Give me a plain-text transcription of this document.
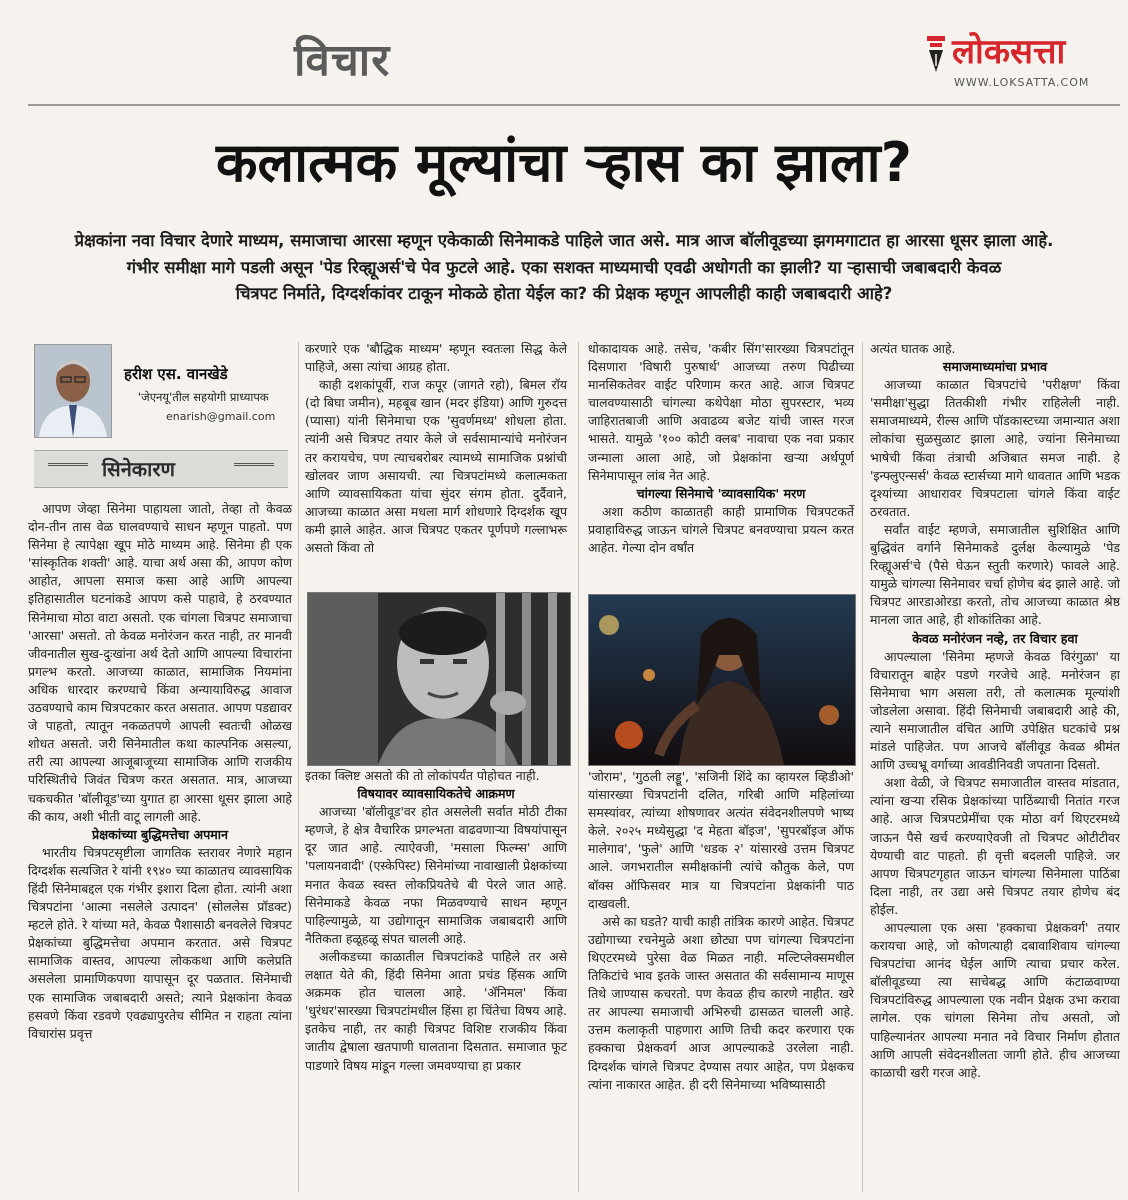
विचार	लोकसत्ता
WWW.LOKSATTA.COM
कलात्मक मूल्यांचा ऱ्हास का झाला?

प्रेक्षकांना नवा विचार देणारे माध्यम, समाजाचा आरसा म्हणून एकेकाळी सिनेमाकडे पाहिले जात असे. मात्र आज बॉलीवूडच्या झगमगाटात हा आरसा धूसर झाला आहे.

गंभीर समीक्षा मागे पडली असून 'पेड रिव्ह्यूअर्स'चे पेव फुटले आहे. एका सशक्त माध्यमाची एवढी अधोगती का झाली? या ऱ्हासाची जबाबदारी केवळ

चित्रपट निर्माते, दिग्दर्शकांवर टाकून मोकळे होता येईल का? की प्रेक्षक म्हणून आपलीही काही जबाबदारी आहे?

हरीश एस. वानखेडे
'जेएनयू'तील सहयोगी प्राध्यापक
enarish@gmail.com
सिनेकारण

आपण जेव्हा सिनेमा पाहायला जातो, तेव्हा तो केवळ दोन-तीन तास वेळ घालवण्याचे साधन म्हणून पाहतो. पण सिनेमा हे त्यापेक्षा खूप मोठे माध्यम आहे. सिनेमा ही एक 'सांस्कृतिक शक्ती' आहे. याचा अर्थ असा की, आपण कोण आहोत, आपला समाज कसा आहे आणि आपल्या इतिहासातील घटनांकडे आपण कसे पाहावे, हे ठरवण्यात सिनेमाचा मोठा वाटा असतो. एक चांगला चित्रपट समाजाचा 'आरसा' असतो. तो केवळ मनोरंजन करत नाही, तर मानवी जीवनातील सुख-दुःखांना अर्थ देतो आणि आपल्या विचारांना प्रगल्भ करतो. आजच्या काळात, सामाजिक नियमांना अधिक धारदार करण्याचे किंवा अन्यायाविरुद्ध आवाज उठवण्याचे काम चित्रपटकार करत असतात. आपण पडद्यावर जे पाहतो, त्यातून नकळतपणे आपली स्वतःची ओळख शोधत असतो. जरी सिनेमातील कथा काल्पनिक असल्या, तरी त्या आपल्या आजूबाजूच्या सामाजिक आणि राजकीय परिस्थितीचे जिवंत चित्रण करत असतात. मात्र, आजच्या चकचकीत 'बॉलीवूड'च्या युगात हा आरसा धूसर झाला आहे की काय, अशी भीती वाटू लागली आहे.

प्रेक्षकांच्या बुद्धिमत्तेचा अपमान

भारतीय चित्रपटसृष्टीला जागतिक स्तरावर नेणारे महान दिग्दर्शक सत्यजित रे यांनी १९४० च्या काळातच व्यावसायिक हिंदी सिनेमाबद्दल एक गंभीर इशारा दिला होता. त्यांनी अशा चित्रपटांना 'आत्मा नसलेले उत्पादन' (सोललेस प्रॉडक्ट) म्हटले होते. रे यांच्या मते, केवळ पैशासाठी बनवलेले चित्रपट प्रेक्षकांच्या बुद्धिमत्तेचा अपमान करतात. असे चित्रपट सामाजिक वास्तव, आपल्या लोककथा आणि कलेप्रति असलेला प्रामाणिकपणा यापासून दूर पळतात. सिनेमाची एक सामाजिक जबाबदारी असते; त्याने प्रेक्षकांना केवळ हसवणे किंवा रडवणे एवढ्यापुरतेच सीमित न राहता त्यांना विचारांस प्रवृत्त

करणारे एक 'बौद्धिक माध्यम' म्हणून स्वतःला सिद्ध केले पाहिजे, असा त्यांचा आग्रह होता.

काही दशकांपूर्वी, राज कपूर (जागते रहो), बिमल रॉय (दो बिघा जमीन), महबूब खान (मदर इंडिया) आणि गुरुदत्त (प्यासा) यांनी सिनेमाचा एक 'सुवर्णमध्य' शोधला होता. त्यांनी असे चित्रपट तयार केले जे सर्वसामान्यांचे मनोरंजन तर करायचेच, पण त्याचबरोबर त्यामध्ये सामाजिक प्रश्नांची खोलवर जाण असायची. त्या चित्रपटांमध्ये कलात्मकता आणि व्यावसायिकता यांचा सुंदर संगम होता. दुर्दैवाने, आजच्या काळात असा मधला मार्ग शोधणारे दिग्दर्शक खूप कमी झाले आहेत. आज चित्रपट एकतर पूर्णपणे गल्लाभरू असतो किंवा तो

इतका क्लिष्ट असतो की तो लोकांपर्यंत पोहोचत नाही.

विषयावर व्यावसायिकतेचे आक्रमण

आजच्या 'बॉलीवूड'वर होत असलेली सर्वात मोठी टीका म्हणजे, हे क्षेत्र वैचारिक प्रगल्भता वाढवणाऱ्या विषयांपासून दूर जात आहे. त्याऐवजी, 'मसाला फिल्म्स' आणि 'पलायनवादी' (एस्केपिस्ट) सिनेमांच्या नावाखाली प्रेक्षकांच्या मनात केवळ स्वस्त लोकप्रियतेचे बी पेरले जात आहे. सिनेमाकडे केवळ नफा मिळवण्याचे साधन म्हणून पाहिल्यामुळे, या उद्योगातून सामाजिक जबाबदारी आणि नैतिकता हळूहळू संपत चालली आहे.

अलीकडच्या काळातील चित्रपटांकडे पाहिले तर असे लक्षात येते की, हिंदी सिनेमा आता प्रचंड हिंसक आणि अक्रमक होत चालला आहे. 'ॲनिमल' किंवा 'धुरंधर'सारख्या चित्रपटांमधील हिंसा हा चिंतेचा विषय आहे. इतकेच नाही, तर काही चित्रपट विशिष्ट राजकीय किंवा जातीय द्वेषाला खतपाणी घालताना दिसतात. समाजात फूट पाडणारे विषय मांडून गल्ला जमवण्याचा हा प्रकार

धोकादायक आहे. तसेच, 'कबीर सिंग'सारख्या चित्रपटांतून दिसणारा 'विषारी पुरुषार्थ' आजच्या तरुण पिढीच्या मानसिकतेवर वाईट परिणाम करत आहे. आज चित्रपट चालवण्यासाठी चांगल्या कथेपेक्षा मोठा सुपरस्टार, भव्य जाहिरातबाजी आणि अवाढव्य बजेट यांची जास्त गरज भासते. यामुळे '१०० कोटी क्लब' नावाचा एक नवा प्रकार जन्माला आला आहे, जो प्रेक्षकांना खऱ्या अर्थपूर्ण सिनेमापासून लांब नेत आहे.

चांगल्या सिनेमाचे 'व्यावसायिक' मरण

अशा कठीण काळातही काही प्रामाणिक चित्रपटकर्ते प्रवाहाविरुद्ध जाऊन चांगले चित्रपट बनवण्याचा प्रयत्न करत आहेत. गेल्या दोन वर्षांत

'जोराम', 'गुठली लड्डू', 'सजिनी शिंदे का व्हायरल व्हिडीओ' यांसारख्या चित्रपटांनी दलित, गरिबी आणि महिलांच्या समस्यांवर, त्यांच्या शोषणावर अत्यंत संवेदनशीलपणे भाष्य केले. २०२५ मध्येसुद्धा 'द मेहता बॉइज', 'सुपरबॉइज ऑफ मालेगाव', 'फुले' आणि 'धडक २' यांसारखे उत्तम चित्रपट आले. जगभरातील समीक्षकांनी त्यांचे कौतुक केले, पण बॉक्स ऑफिसवर मात्र या चित्रपटांना प्रेक्षकांनी पाठ दाखवली.

असे का घडते? याची काही तांत्रिक कारणे आहेत. चित्रपट उद्योगाच्या रचनेमुळे अशा छोट्या पण चांगल्या चित्रपटांना थिएटरमध्ये पुरेसा वेळ मिळत नाही. मल्टिप्लेक्समधील तिकिटांचे भाव इतके जास्त असतात की सर्वसामान्य माणूस तिथे जाण्यास कचरतो. पण केवळ हीच कारणे नाहीत. खरे तर आपल्या समाजाची अभिरुची ढासळत चालली आहे. उत्तम कलाकृती पाहणारा आणि तिची कदर करणारा एक हक्काचा प्रेक्षकवर्ग आज आपल्याकडे उरलेला नाही. दिग्दर्शक चांगले चित्रपट देण्यास तयार आहेत, पण प्रेक्षकच त्यांना नाकारत आहेत. ही दरी सिनेमाच्या भविष्यासाठी

अत्यंत घातक आहे.

समाजमाध्यमांचा प्रभाव

आजच्या काळात चित्रपटांचे 'परीक्षण' किंवा 'समीक्षा'सुद्धा तितकीशी गंभीर राहिलेली नाही. समाजमाध्यमे, रील्स आणि पॉडकास्टच्या जमान्यात अशा लोकांचा सुळसुळाट झाला आहे, ज्यांना सिनेमाच्या भाषेची किंवा तंत्राची अजिबात समज नाही. हे 'इन्फ्लुएन्सर्स' केवळ स्टार्सच्या मागे धावतात आणि भडक दृश्यांच्या आधारावर चित्रपटाला चांगले किंवा वाईट ठरवतात.

सर्वांत वाईट म्हणजे, समाजातील सुशिक्षित आणि बुद्धिवंत वर्गाने सिनेमाकडे दुर्लक्ष केल्यामुळे 'पेड रिव्ह्यूअर्स'चे (पैसे घेऊन स्तुती करणारे) फावले आहे. यामुळे चांगल्या सिनेमावर चर्चा होणेच बंद झाले आहे. जो चित्रपट आरडाओरडा करतो, तोच आजच्या काळात श्रेष्ठ मानला जात आहे, ही शोकांतिका आहे.

केवळ मनोरंजन नव्हे, तर विचार हवा

आपल्याला 'सिनेमा म्हणजे केवळ विरंगुळा' या विचारातून बाहेर पडणे गरजेचे आहे. मनोरंजन हा सिनेमाचा भाग असला तरी, तो कलात्मक मूल्यांशी जोडलेला असावा. हिंदी सिनेमाची जबाबदारी आहे की, त्याने समाजातील वंचित आणि उपेक्षित घटकांचे प्रश्न मांडले पाहिजेत. पण आजचे बॉलीवूड केवळ श्रीमंत आणि उच्चभ्रू वर्गाच्या आवडीनिवडी जपताना दिसतो.

अशा वेळी, जे चित्रपट समाजातील वास्तव मांडतात, त्यांना खऱ्या रसिक प्रेक्षकांच्या पाठिंब्याची नितांत गरज आहे. आज चित्रपटप्रेमींचा एक मोठा वर्ग थिएटरमध्ये जाऊन पैसे खर्च करण्याऐवजी तो चित्रपट ओटीटीवर येण्याची वाट पाहतो. ही वृत्ती बदलली पाहिजे. जर आपण चित्रपटगृहात जाऊन चांगल्या सिनेमाला पाठिंबा दिला नाही, तर उद्या असे चित्रपट तयार होणेच बंद होईल.

आपल्याला एक असा 'हक्काचा प्रेक्षकवर्ग' तयार करायचा आहे, जो कोणत्याही दबावाशिवाय चांगल्या चित्रपटांचा आनंद घेईल आणि त्याचा प्रचार करेल. बॉलीवूडच्या त्या साचेबद्ध आणि कंटाळवाण्या चित्रपटांविरुद्ध आपल्याला एक नवीन प्रेक्षक उभा करावा लागेल. एक चांगला सिनेमा तोच असतो, जो पाहिल्यानंतर आपल्या मनात नवे विचार निर्माण होतात आणि आपली संवेदनशीलता जागी होते. हीच आजच्या काळाची खरी गरज आहे.
